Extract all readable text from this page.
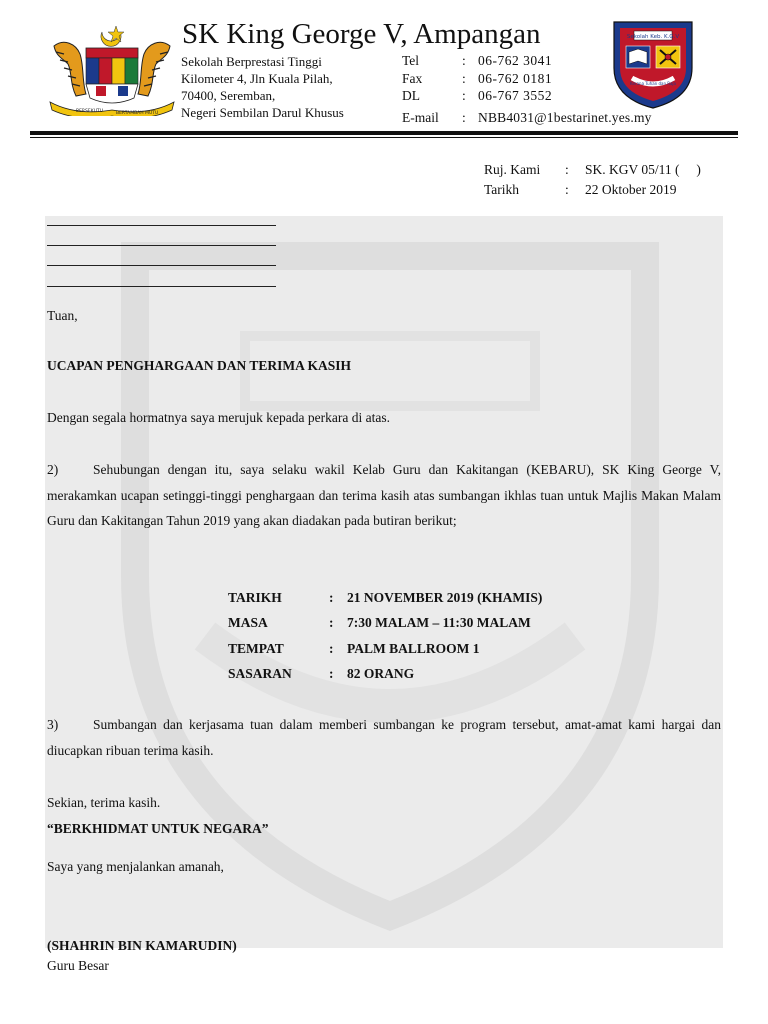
BERSEKUTU	BERTAMBAH MUTU
SK King George V, Ampangan
Sekolah Berprestasi Tinggi
Kilometer 4, Jln Kuala Pilah,
70400, Seremban,
Negeri Sembilan Darul Khusus
Tel	: 06-762 3041
Fax	: 06-762 0181
DL	: 06-767 3552
E-mail : NBB4031@1bestarinet.yes.my
Sekolah Keb. K.G.V
Kerana Tuhan dan Raja
Ruj. Kami : SK. KGV 05/11 (     )
Tarikh	: 22 Oktober 2019
Tuan,
UCAPAN PENGHARGAAN DAN TERIMA KASIH
Dengan segala hormatnya saya merujuk kepada perkara di atas.
2)	Sehubungan dengan itu, saya selaku wakil Kelab Guru dan Kakitangan (KEBARU), SK King George V, merakamkan ucapan setinggi-tinggi penghargaan dan terima kasih atas sumbangan ikhlas tuan untuk Majlis Makan Malam Guru dan Kakitangan Tahun 2019 yang akan diadakan pada butiran berikut;
TARIKH	: 21 NOVEMBER 2019 (KHAMIS)
MASA	: 7:30 MALAM – 11:30 MALAM
TEMPAT	: PALM BALLROOM 1
SASARAN	: 82 ORANG
3)	Sumbangan dan kerjasama tuan dalam memberi sumbangan ke program tersebut, amat-amat kami hargai dan diucapkan ribuan terima kasih.
Sekian, terima kasih.
“BERKHIDMAT UNTUK NEGARA”
Saya yang menjalankan amanah,
(SHAHRIN BIN KAMARUDIN)
Guru Besar
